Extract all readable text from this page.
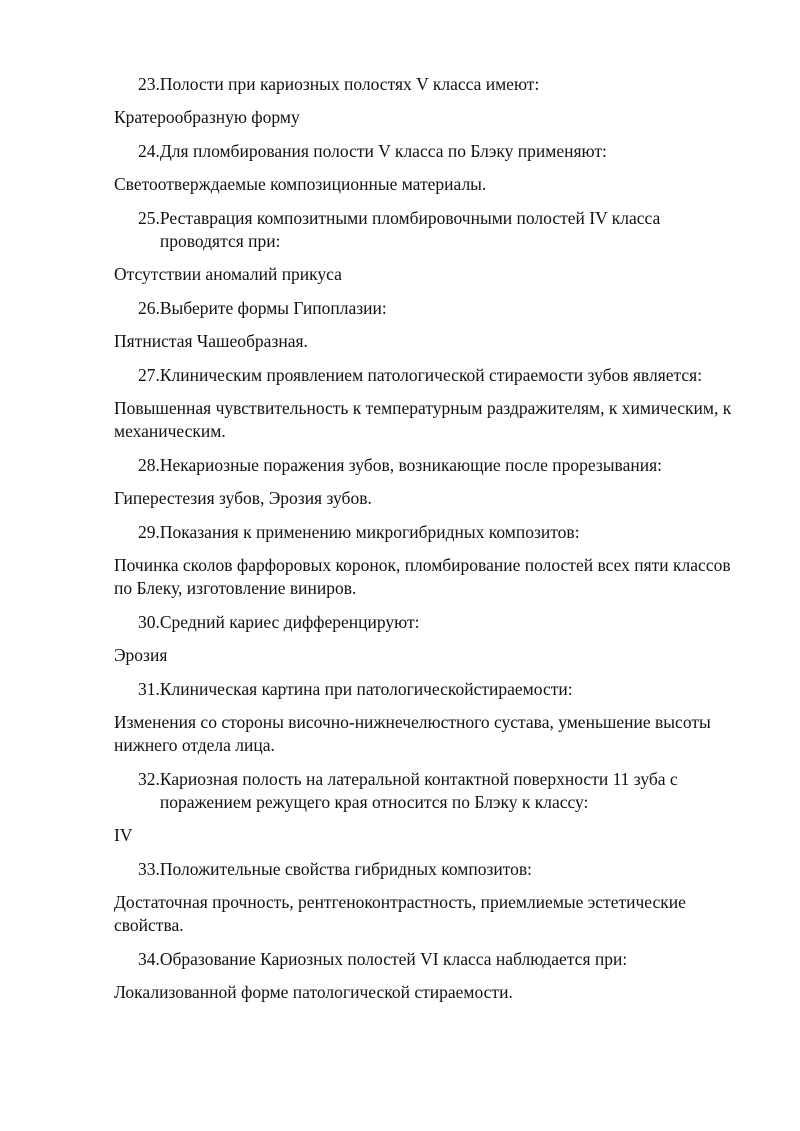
23. Полости при кариозных полостях V класса имеют:
Кратерообразную форму
24. Для пломбирования полости V класса по Блэку применяют:
Светоотверждаемые композиционные материалы.
25. Реставрация композитными пломбировочными полостей IV класса проводятся при:
Отсутствии аномалий прикуса
26. Выберите формы Гипоплазии:
Пятнистая Чашеобразная.
27. Клиническим проявлением патологической стираемости зубов является:
Повышенная чувствительность к температурным раздражителям, к химическим, к механическим.
28. Некариозные поражения зубов, возникающие после прорезывания:
Гиперестезия зубов, Эрозия зубов.
29. Показания к применению микрогибридных композитов:
Починка сколов фарфоровых коронок, пломбирование полостей всех пяти классов по Блеку, изготовление виниров.
30. Средний кариес дифференцируют:
Эрозия
31. Клиническая картина при патологическойстираемости:
Изменения со стороны височно-нижнечелюстного сустава, уменьшение высоты нижнего отдела лица.
32. Кариозная полость на латеральной контактной поверхности 11 зуба с поражением режущего края относится по Блэку к классу:
IV
33. Положительные свойства гибридных композитов:
Достаточная прочность, рентгеноконтрастность, приемлиемые эстетические свойства.
34. Образование Кариозных полостей VI класса наблюдается при:
Локализованной форме патологической стираемости.
